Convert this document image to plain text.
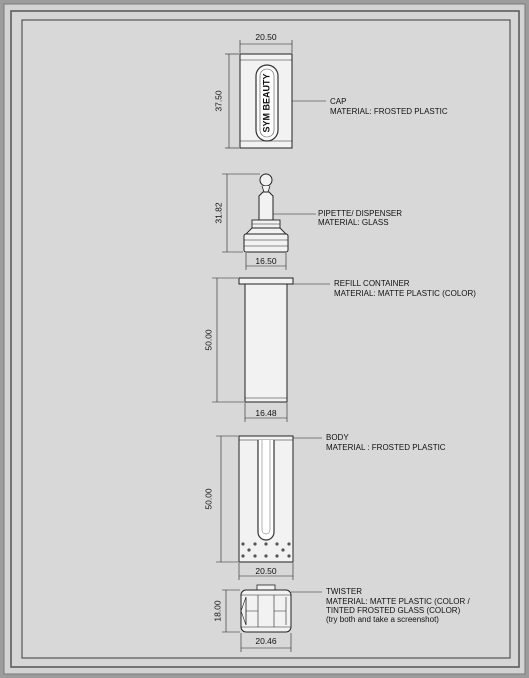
SYM BEAUTY
20.50
37.50	CAP
MATERIAL: FROSTED PLASTIC
31.82
16.50
PIPETTE/ DISPENSER
MATERIAL: GLASS
50.00
16.48
REFILL CONTAINER
MATERIAL: MATTE PLASTIC (COLOR)
50.00
20.50
BODY
MATERIAL : FROSTED PLASTIC
18.00
20.46
TWISTER
MATERIAL: MATTE PLASTIC (COLOR /
TINTED FROSTED GLASS (COLOR)
(try both and take a screenshot)
